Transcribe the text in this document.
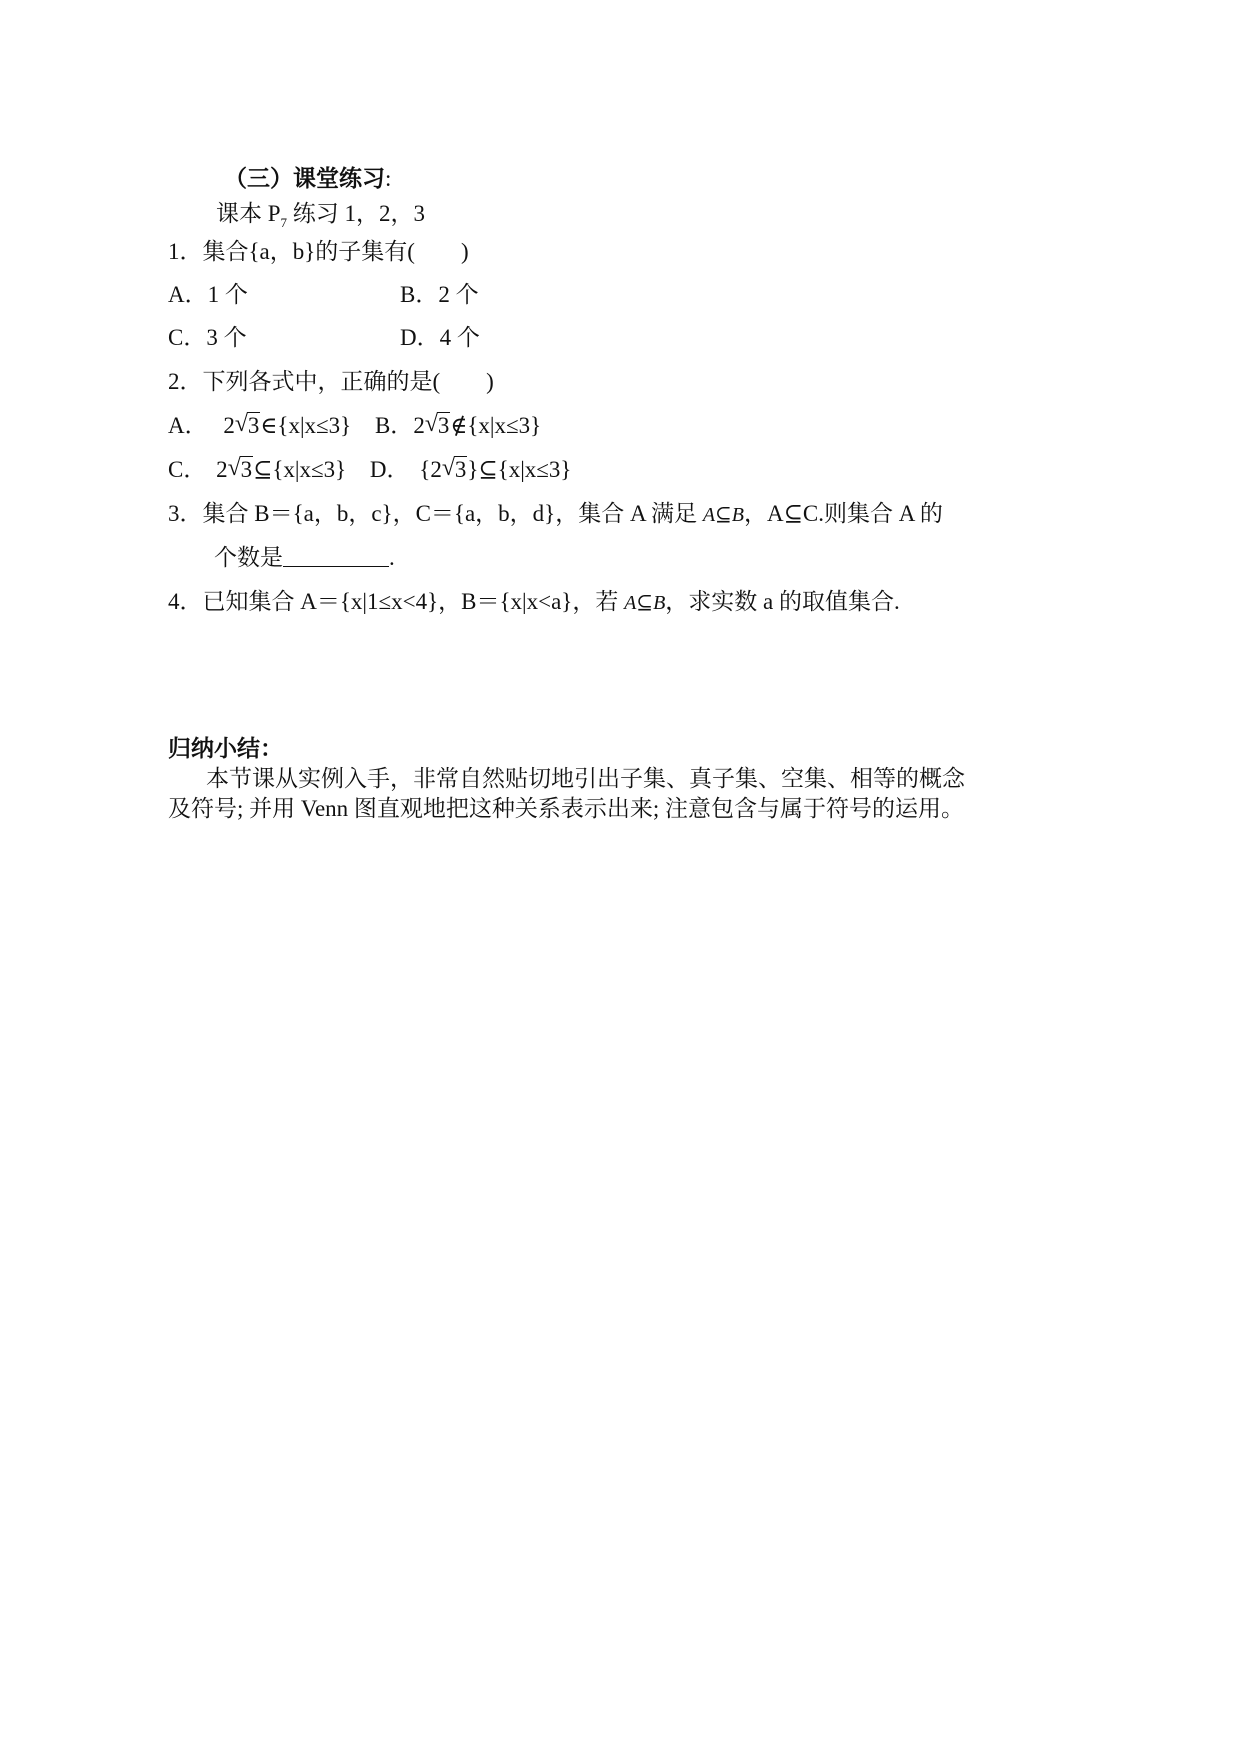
（三）课堂练习:
课本 $P_7$ 练习 1，2，3
1．集合{a，b}的子集有(　　)
A．1 个	B．2 个
C．3 个	D．4 个
2．下列各式中，正确的是(　　)
A． 2 √ 3∈{x|x≤3} B．2 √ 3∉{x|x≤3}
C． 2 √ 3⊆{x|x≤3} D． {2 √ 3}⊆{x|x≤3}
3．集合 B＝{a，b，c}，C＝{a，b，d}，集合 A 满足 A⊆B，A⊆C.则集合 A 的
个数是	.
4．已知集合 A＝{x|1≤x<4}，B＝{x|x<a}，若 A⊆B，求实数 a 的取值集合.
归纳小结：
本节课从实例入手，非常自然贴切地引出子集、真子集、空集、相等的概念
及符号; 并用 Venn 图直观地把这种关系表示出来; 注意包含与属于符号的运用。
